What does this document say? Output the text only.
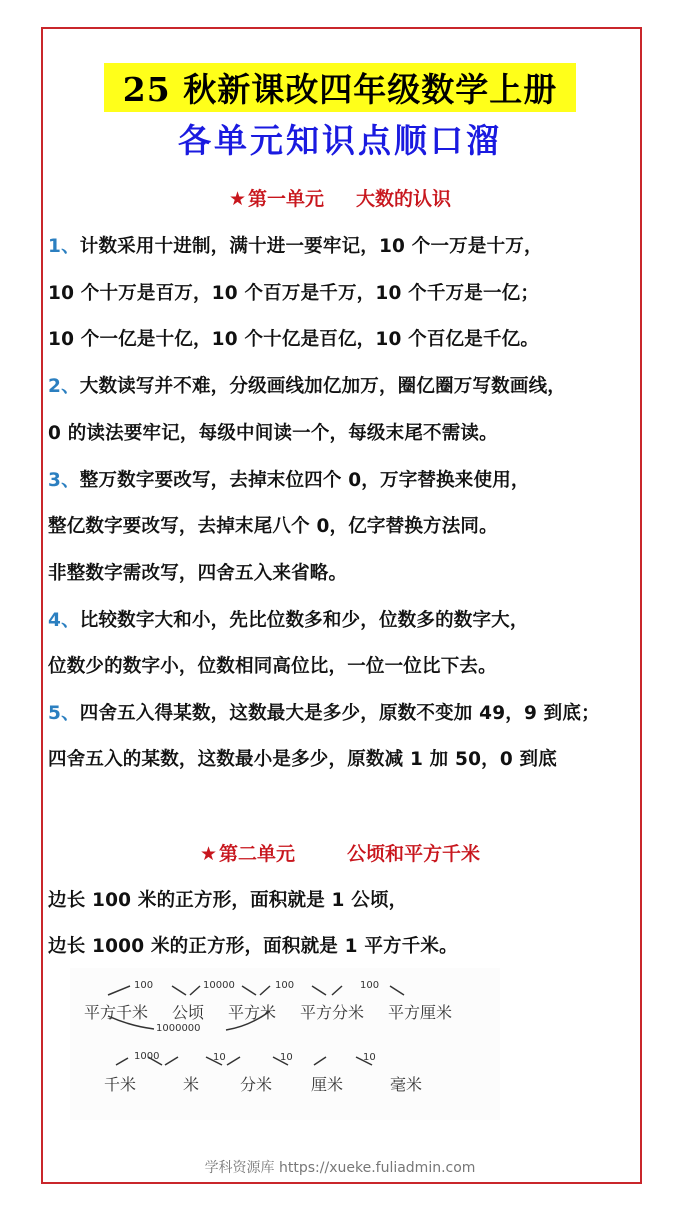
25 秋新课改四年级数学上册
各单元知识点顺口溜
★ 第一单元 大数的认识
1、计数采用十进制，满十进一要牢记，10 个一万是十万，
10 个十万是百万，10 个百万是千万，10 个千万是一亿；
10 个一亿是十亿，10 个十亿是百亿，10 个百亿是千亿。
2、大数读写并不难，分级画线加亿加万，圈亿圈万写数画线，
0 的读法要牢记，每级中间读一个，每级末尾不需读。
3、整万数字要改写，去掉末位四个 0，万字替换来使用，
整亿数字要改写，去掉末尾八个 0，亿字替换方法同。
非整数字需改写，四舍五入来省略。
4、比较数字大和小，先比位数多和少，位数多的数字大，
位数少的数字小，位数相同高位比，一位一位比下去。
5、四舍五入得某数，这数最大是多少，原数不变加 49，9 到底；
四舍五入的某数，这数最小是多少，原数减 1 加 50，0 到底
★ 第二单元	公顷和平方千米
边长 100 米的正方形，面积就是 1 公顷，
边长 1000 米的正方形，面积就是 1 平方千米。
平方千米 公顷 平方米 平方分米 平方厘米
100	10000	100	100
1000000
千米	米	分米 厘米	毫米
1000	10	10	10
学科资源库 https://xueke.fuliadmin.com
